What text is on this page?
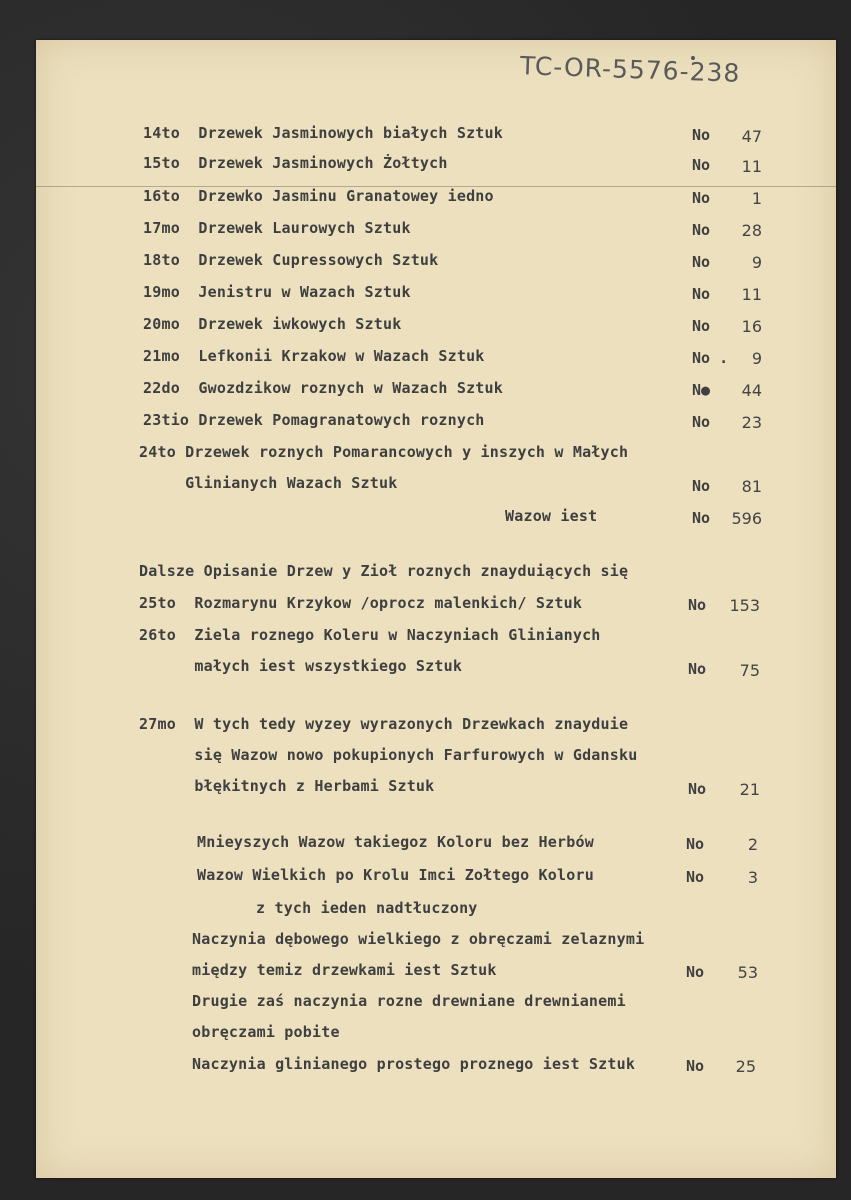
TC-OR-5576-238
14to  Drzewek Jasminowych białych Sztuk	No	47
15to  Drzewek Jasminowych Żołtych	No	11
16to  Drzewko Jasminu Granatowey iedno	No	1
17mo  Drzewek Laurowych Sztuk	No	28
18to  Drzewek Cupressowych Sztuk	No	9
19mo  Jenistru w Wazach Sztuk	No	11
20mo  Drzewek iwkowych Sztuk	No	16
21mo  Lefkonii Krzakow w Wazach Sztuk	No .	9
22do  Gwozdzikow roznych w Wazach Sztuk	N●	44
23tio Drzewek Pomagranatowych roznych	No	23
24to Drzewek roznych Pomarancowych y inszych w Małych
Glinianych Wazach Sztuk	No	81
Wazow iest	No	596
Dalsze Opisanie Drzew y Zioł roznych znayduiących się
25to  Rozmarynu Krzykow /oprocz malenkich/ Sztuk	No	153
26to  Ziela roznego Koleru w Naczyniach Glinianych
małych iest wszystkiego Sztuk	No	75
27mo  W tych tedy wyzey wyrazonych Drzewkach znayduie
się Wazow nowo pokupionych Farfurowych w Gdansku
błękitnych z Herbami Sztuk	No	21
Mnieyszych Wazow takiegoz Koloru bez Herbów	No	2
Wazow Wielkich po Krolu Imci Zołtego Koloru	No	3
z tych ieden nadtłuczony
Naczynia dębowego wielkiego z obręczami zelaznymi
między temiz drzewkami iest Sztuk	No	53
Drugie zaś naczynia rozne drewniane drewnianemi
obręczami pobite
Naczynia glinianego prostego proznego iest Sztuk	No	25
